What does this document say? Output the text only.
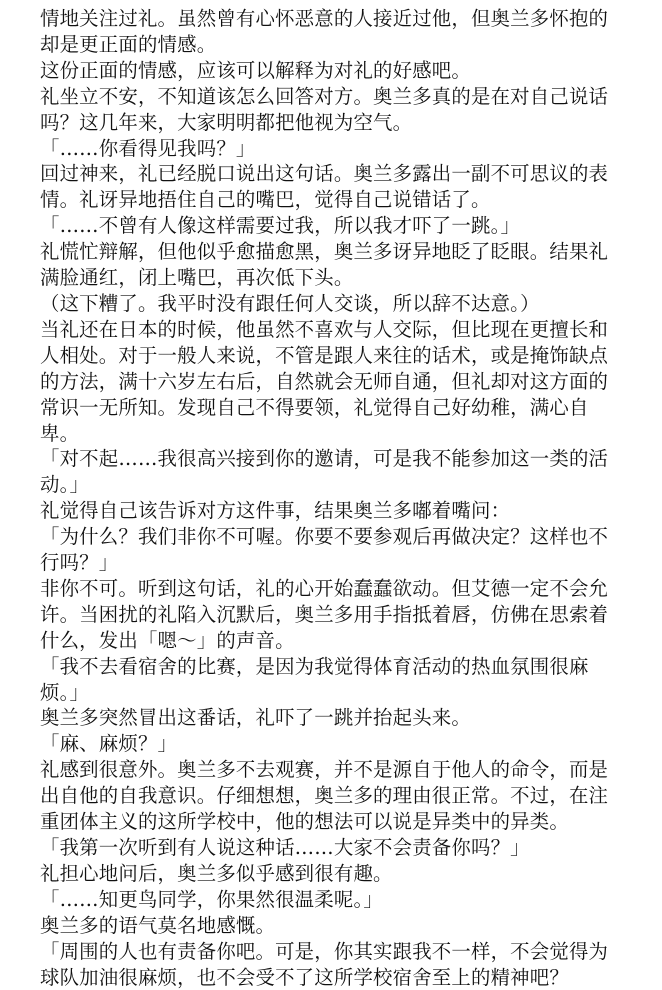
情地关注过礼。虽然曾有心怀恶意的人接近过他，但奥兰多怀抱的却是更正面的情感。

这份正面的情感，应该可以解释为对礼的好感吧。

礼坐立不安，不知道该怎么回答对方。奥兰多真的是在对自己说话吗？这几年来，大家明明都把他视为空气。

「……你看得见我吗？」

回过神来，礼已经脱口说出这句话。奥兰多露出一副不可思议的表情。礼讶异地捂住自己的嘴巴，觉得自己说错话了。

「……不曾有人像这样需要过我，所以我才吓了一跳。」

礼慌忙辩解，但他似乎愈描愈黑，奥兰多讶异地眨了眨眼。结果礼满脸通红，闭上嘴巴，再次低下头。

（这下糟了。我平时没有跟任何人交谈，所以辞不达意。）

当礼还在日本的时候，他虽然不喜欢与人交际，但比现在更擅长和人相处。对于一般人来说，不管是跟人来往的话术，或是掩饰缺点的方法，满十六岁左右后，自然就会无师自通，但礼却对这方面的常识一无所知。发现自己不得要领，礼觉得自己好幼稚，满心自卑。

「对不起……我很高兴接到你的邀请，可是我不能参加这一类的活动。」

礼觉得自己该告诉对方这件事，结果奥兰多嘟着嘴问：

「为什么？我们非你不可喔。你要不要参观后再做决定？这样也不行吗？」

非你不可。听到这句话，礼的心开始蠢蠢欲动。但艾德一定不会允许。当困扰的礼陷入沉默后，奥兰多用手指抵着唇，仿佛在思索着什么，发出「嗯～」的声音。

「我不去看宿舍的比赛，是因为我觉得体育活动的热血氛围很麻烦。」

奥兰多突然冒出这番话，礼吓了一跳并抬起头来。

「麻、麻烦？」

礼感到很意外。奥兰多不去观赛，并不是源自于他人的命令，而是出自他的自我意识。仔细想想，奥兰多的理由很正常。不过，在注重团体主义的这所学校中，他的想法可以说是异类中的异类。

「我第一次听到有人说这种话……大家不会责备你吗？」

礼担心地问后，奥兰多似乎感到很有趣。

「……知更鸟同学，你果然很温柔呢。」

奥兰多的语气莫名地感慨。

「周围的人也有责备你吧。可是，你其实跟我不一样，不会觉得为球队加油很麻烦，也不会受不了这所学校宿舍至上的精神吧？
